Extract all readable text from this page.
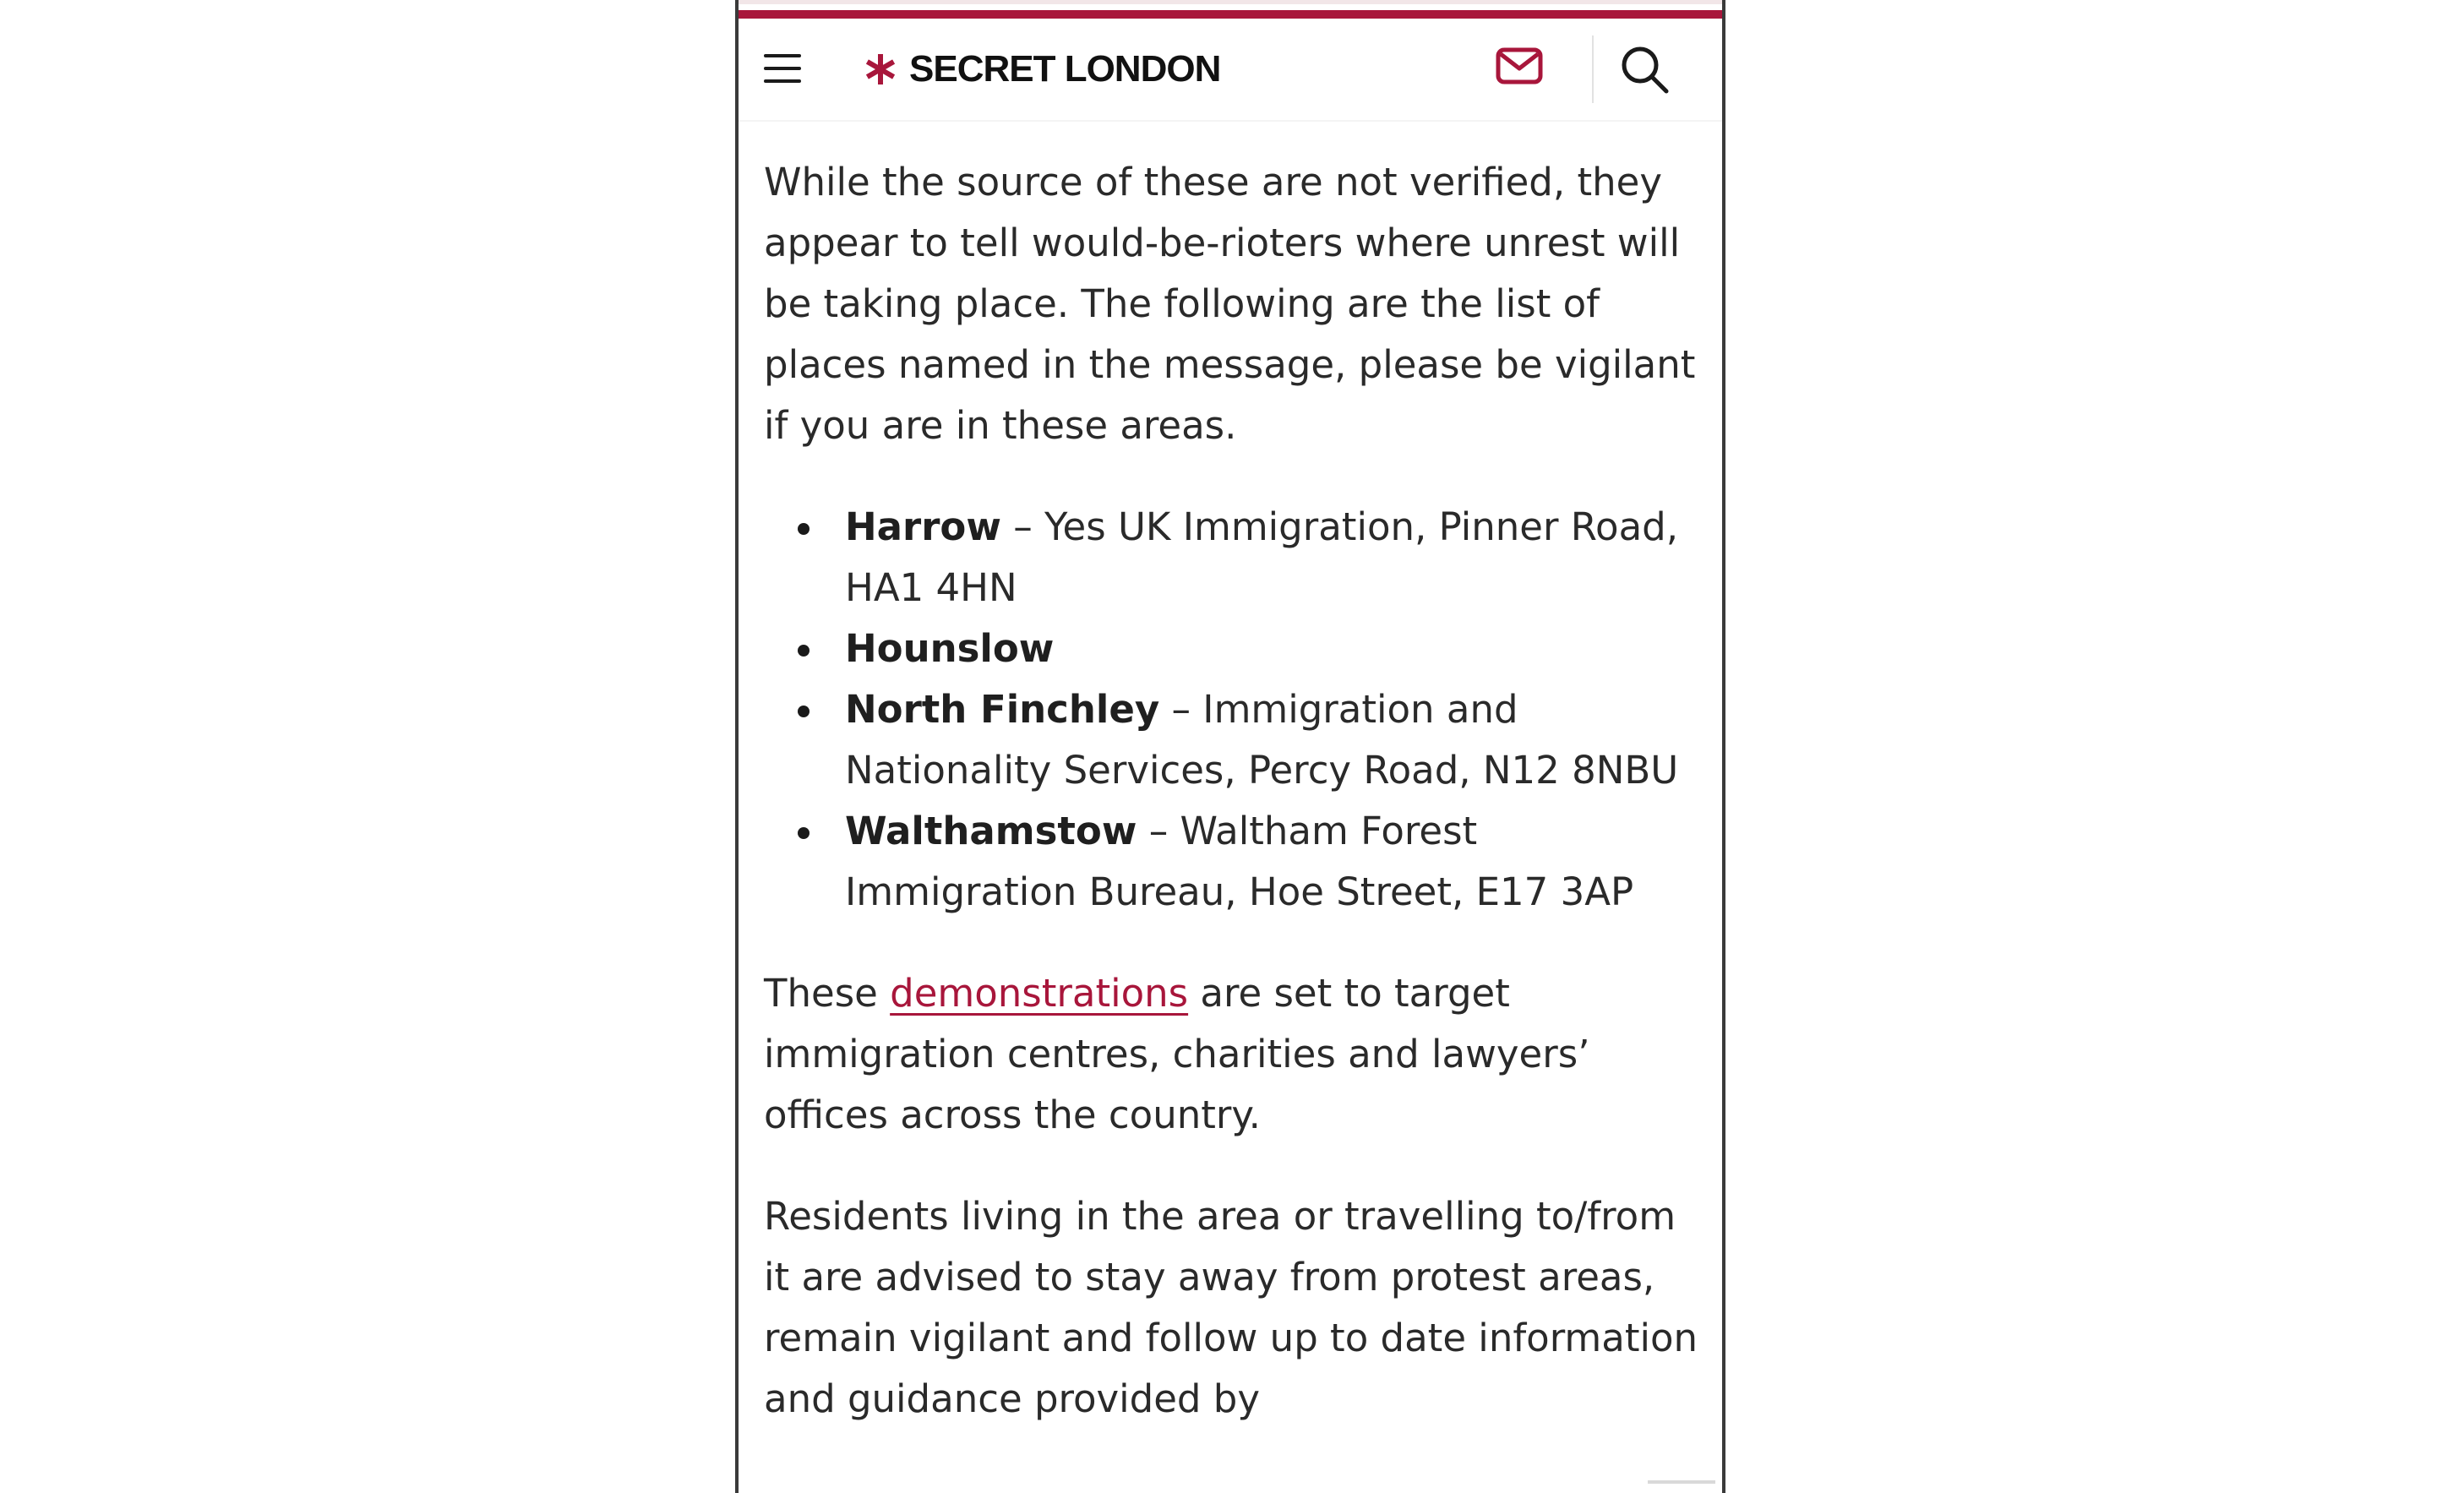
SECRET LONDON

While the source of these are not verified, they appear to tell would-be-rioters where unrest will be taking place. The following are the list of places named in the message, please be vigilant if you are in these areas.

Harrow – Yes UK Immigration, Pinner Road, HA1 4HN
Hounslow
North Finchley – Immigration and Nationality Services, Percy Road, N12 8NBU
Walthamstow – Waltham Forest Immigration Bureau, Hoe Street, E17 3AP

These demonstrations are set to target immigration centres, charities and lawyers’ offices across the country.

Residents living in the area or travelling to/from it are advised to stay away from protest areas, remain vigilant and follow up to date information and guidance provided by
